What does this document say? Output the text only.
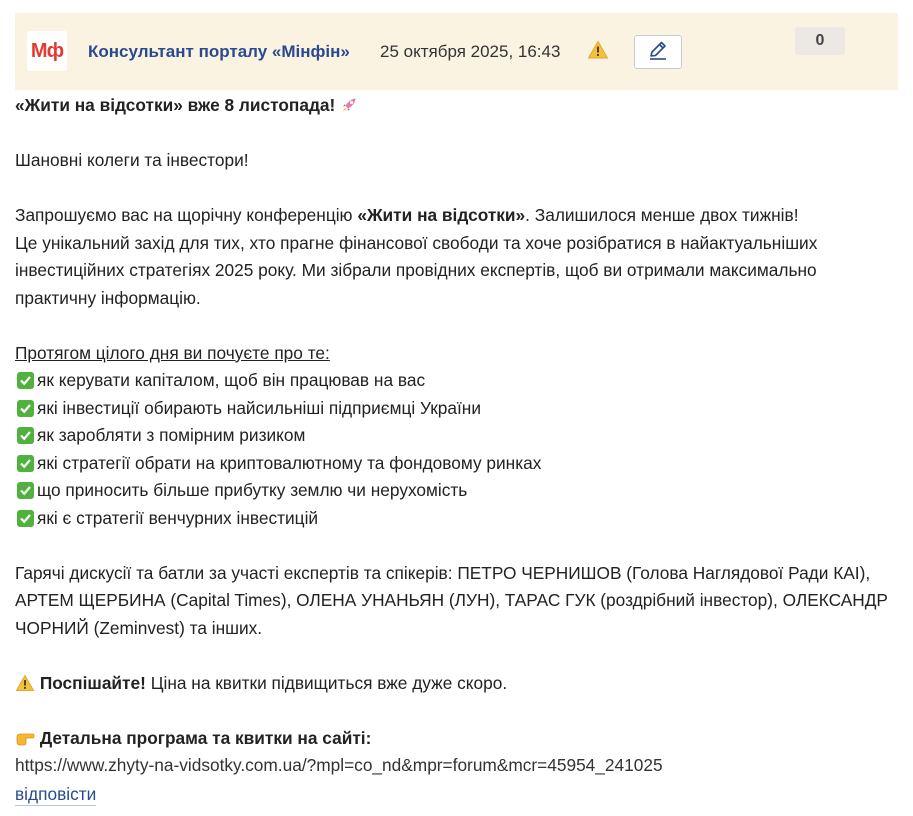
Мф Консультант порталу «Мінфін» 25 октября 2025, 16:43
0
«Жити на відсотки» вже 8 листопада!
Шановні колеги та інвестори!
Запрошуємо вас на щорічну конференцію «Жити на відсотки». Залишилося менше двох тижнів!
Це унікальний захід для тих, хто прагне фінансової свободи та хоче розібратися в найактуальніших
інвестиційних стратегіях 2025 року. Ми зібрали провідних експертів, щоб ви отримали максимально
практичну інформацію.
Протягом цілого дня ви почуєте про те:
як керувати капіталом, щоб він працював на вас
які інвестиції обирають найсильніші підприємці України
як заробляти з помірним ризиком
які стратегії обрати на криптовалютному та фондовому ринках
що приносить більше прибутку землю чи нерухомість
які є стратегії венчурних інвестицій
Гарячі дискусії та батли за участі експертів та спікерів: ПЕТРО ЧЕРНИШОВ (Голова Наглядової Ради КАІ),
АРТЕМ ЩЕРБИНА (Capital Times), ОЛЕНА УНАНЬЯН (ЛУН), ТАРАС ГУК (роздрібний інвестор), ОЛЕКСАНДР
ЧОРНИЙ (Zeminvest) та інших.
Поспішайте! Ціна на квитки підвищиться вже дуже скоро.
Детальна програма та квитки на сайті:
https://www.zhyty-na-vidsotky.com.ua/?mpl=co_nd&mpr=forum&mcr=45954_241025
відповісти
